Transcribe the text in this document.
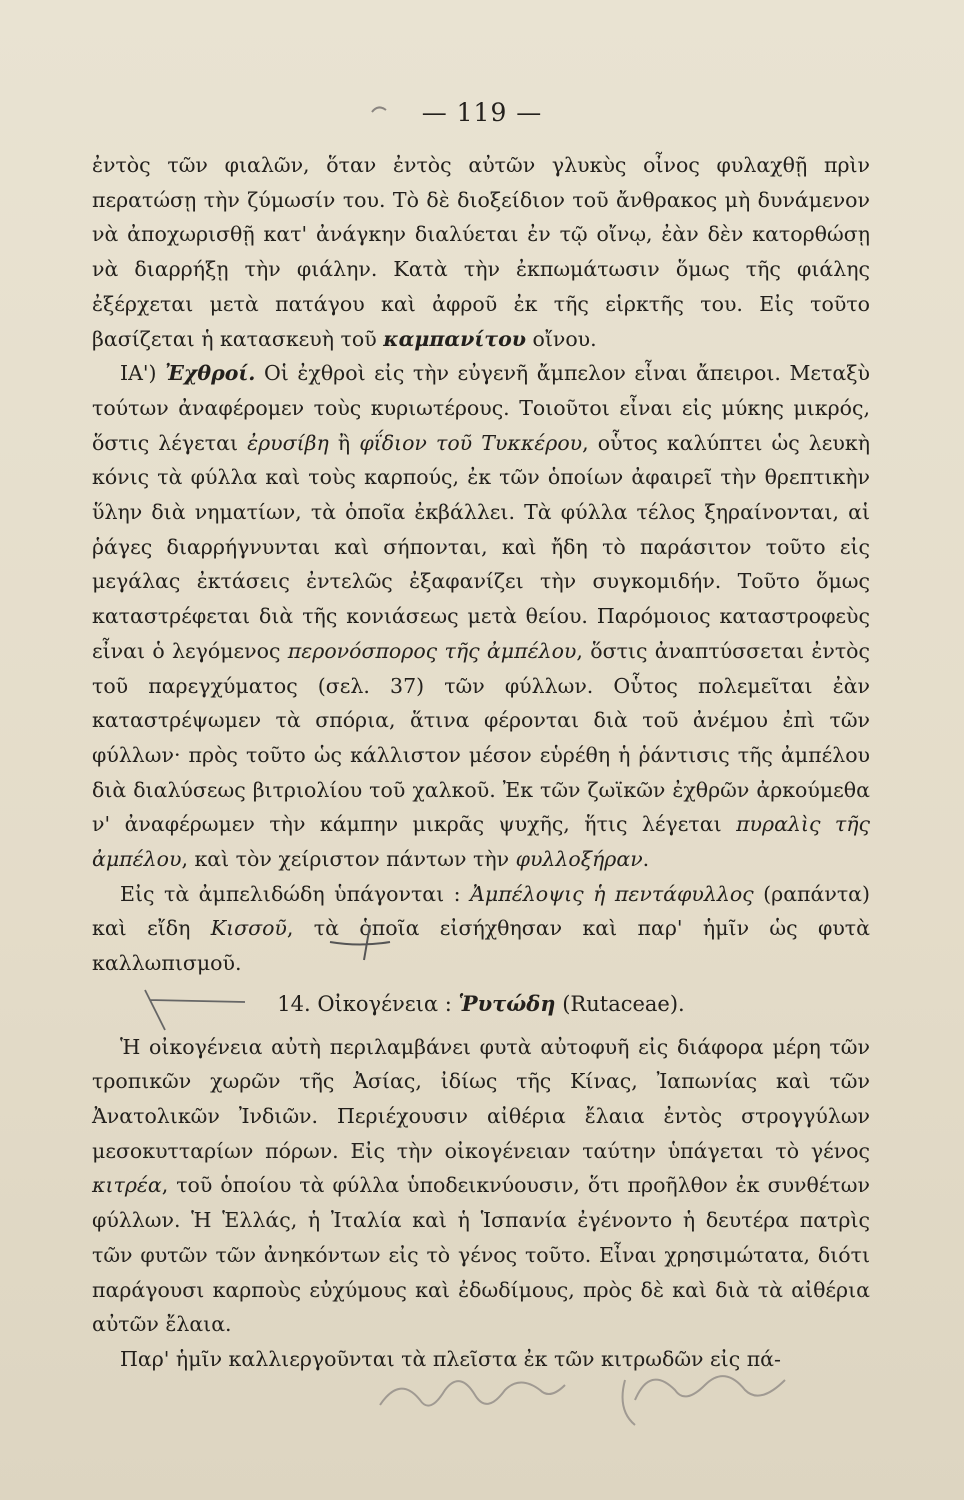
— 119 —

ἐντὸς τῶν φιαλῶν, ὅταν ἐντὸς αὐτῶν γλυκὺς οἶνος φυλαχθῇ πρὶν περατώσῃ τὴν ζύμωσίν του. Τὸ δὲ διοξείδιον τοῦ ἄνθρακος μὴ δυνάμενον νὰ ἀποχωρισθῇ κατ' ἀνάγκην διαλύεται ἐν τῷ οἴνῳ, ἐὰν δὲν κατορθώσῃ νὰ διαρρήξῃ τὴν φιάλην. Κατὰ τὴν ἐκπωμάτωσιν ὅμως τῆς φιάλης ἐξέρχεται μετὰ πατάγου καὶ ἀφροῦ ἐκ τῆς εἱρκτῆς του. Εἰς τοῦτο βασίζεται ἡ κατασκευὴ τοῦ καμπανίτου οἴνου.

ΙΑ') Ἐχθροί. Οἱ ἐχθροὶ εἰς τὴν εὐγενῆ ἄμπελον εἶναι ἄπειροι. Μεταξὺ τούτων ἀναφέρομεν τοὺς κυριωτέρους. Τοιοῦτοι εἶναι εἰς μύκης μικρός, ὅστις λέγεται ἐρυσίβη ἢ φΐδιον τοῦ Τυκκέρου, οὗτος καλύπτει ὡς λευκὴ κόνις τὰ φύλλα καὶ τοὺς καρπούς, ἐκ τῶν ὁποίων ἀφαιρεῖ τὴν θρεπτικὴν ὕλην διὰ νηματίων, τὰ ὁποῖα ἐκβάλλει. Τὰ φύλλα τέλος ξηραίνονται, αἱ ῥάγες διαρρήγνυνται καὶ σήπονται, καὶ ἤδη τὸ παράσιτον τοῦτο εἰς μεγάλας ἐκτάσεις ἐντελῶς ἐξαφανίζει τὴν συγκομιδήν. Τοῦτο ὅμως καταστρέφεται διὰ τῆς κονιάσεως μετὰ θείου. Παρόμοιος καταστροφεὺς εἶναι ὁ λεγόμενος περονόσπορος τῆς ἀμπέλου, ὅστις ἀναπτύσσεται ἐντὸς τοῦ παρεγχύματος (σελ. 37) τῶν φύλλων. Οὗτος πολεμεῖται ἐὰν καταστρέψωμεν τὰ σπόρια, ἅτινα φέρονται διὰ τοῦ ἀνέμου ἐπὶ τῶν φύλλων· πρὸς τοῦτο ὡς κάλλιστον μέσον εὑρέθη ἡ ῥάντισις τῆς ἀμπέλου διὰ διαλύσεως βιτριολίου τοῦ χαλκοῦ. Ἐκ τῶν ζωϊκῶν ἐχθρῶν ἀρκούμεθα ν' ἀναφέρωμεν τὴν κάμπην μικρᾶς ψυχῆς, ἥτις λέγεται πυραλὶς τῆς ἀμπέλου, καὶ τὸν χείριστον πάντων τὴν φυλλοξήραν.

Εἰς τὰ ἀμπελιδώδη ὑπάγονται : Ἀμπέλοψις ἡ πεντάφυλλος (ραπάντα) καὶ εἴδη Κισσοῦ, τὰ ὁποῖα εἰσήχθησαν καὶ παρ' ἡμῖν ὡς φυτὰ καλλωπισμοῦ.

14. Οἰκογένεια : Ῥυτώδη (Rutaceae).

Ἡ οἰκογένεια αὐτὴ περιλαμβάνει φυτὰ αὐτοφυῆ εἰς διάφορα μέρη τῶν τροπικῶν χωρῶν τῆς Ἀσίας, ἰδίως τῆς Κίνας, Ἰαπωνίας καὶ τῶν Ἀνατολικῶν Ἰνδιῶν. Περιέχουσιν αἰθέρια ἔλαια ἐντὸς στρογγύλων μεσοκυτταρίων πόρων. Εἰς τὴν οἰκογένειαν ταύτην ὑπάγεται τὸ γένος κιτρέα, τοῦ ὁποίου τὰ φύλλα ὑποδεικνύουσιν, ὅτι προῆλθον ἐκ συνθέτων φύλλων. Ἡ Ἑλλάς, ἡ Ἰταλία καὶ ἡ Ἱσπανία ἐγένοντο ἡ δευτέρα πατρὶς τῶν φυτῶν τῶν ἀνηκόντων εἰς τὸ γένος τοῦτο. Εἶναι χρησιμώτατα, διότι παράγουσι καρποὺς εὐχύμους καὶ ἐδωδίμους, πρὸς δὲ καὶ διὰ τὰ αἰθέρια αὐτῶν ἔλαια.

Παρ' ἡμῖν καλλιεργοῦνται τὰ πλεῖστα ἐκ τῶν κιτρωδῶν εἰς πά-
